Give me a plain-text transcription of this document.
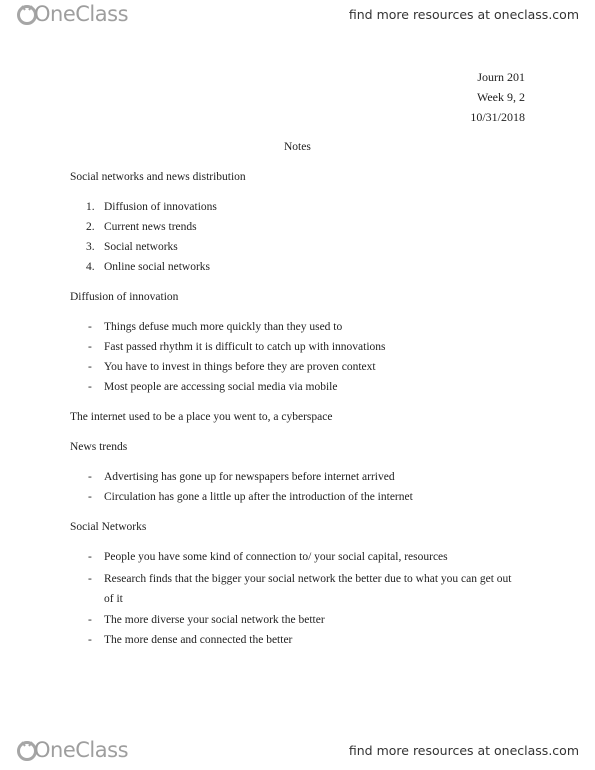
OneClass	find more resources at oneclass.com
Journ 201
Week 9, 2
10/31/2018
Notes
Social networks and news distribution
1. Diffusion of innovations
2. Current news trends
3. Social networks
4. Online social networks
Diffusion of innovation
- Things defuse much more quickly than they used to
- Fast passed rhythm it is difficult to catch up with innovations
- You have to invest in things before they are proven context
- Most people are accessing social media via mobile
The internet used to be a place you went to, a cyberspace
News trends
- Advertising has gone up for newspapers before internet arrived
- Circulation has gone a little up after the introduction of the internet
Social Networks
- People you have some kind of connection to/ your social capital, resources
- Research finds that the bigger your social network the better due to what you can get out
of it
- The more diverse your social network the better
- The more dense and connected the better
OneClass	find more resources at oneclass.com
